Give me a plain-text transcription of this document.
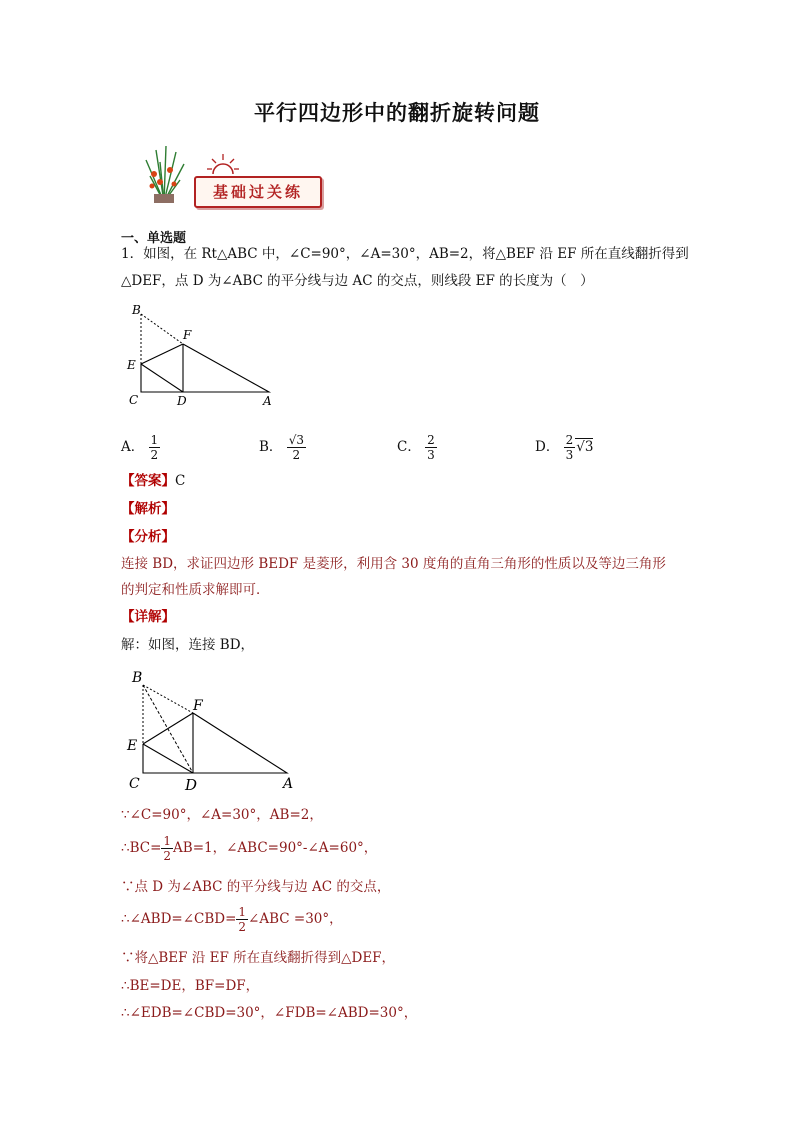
平行四边形中的翻折旋转问题
基础过关练
一、单选题
1．如图，在 Rt△ABC 中，∠C=90°，∠A=30°，AB=2，将△BEF 沿 EF 所在直线翻折得到
△DEF，点 D 为∠ABC 的平分线与边 AC 的交点，则线段 EF 的长度为（　）
B
F
E
C	D	A
A． $\frac{1}{2}$	B． $\frac{√3}{2}$	C． $\frac{2}{3}$	D． $\frac{2}{3} √3$
【答案】C
【解析】
【分析】
连接 BD，求证四边形 BEDF 是菱形，利用含 30 度角的直角三角形的性质以及等边三角形
的判定和性质求解即可．
【详解】
解：如图，连接 BD，
B
F
E
C	D	A
∵∠C=90°，∠A=30°，AB=2，
∴BC= $\frac{1}{2} AB=1$，∠ABC=90°-∠A=60°，
∵点 D 为∠ABC 的平分线与边 AC 的交点，
∴∠ABD=∠CBD= $\frac{1}{2}$ ∠ABC =30°，
∵将△BEF 沿 EF 所在直线翻折得到△DEF，
∴BE=DE，BF=DF，
∴∠EDB=∠CBD=30°，∠FDB=∠ABD=30°，
